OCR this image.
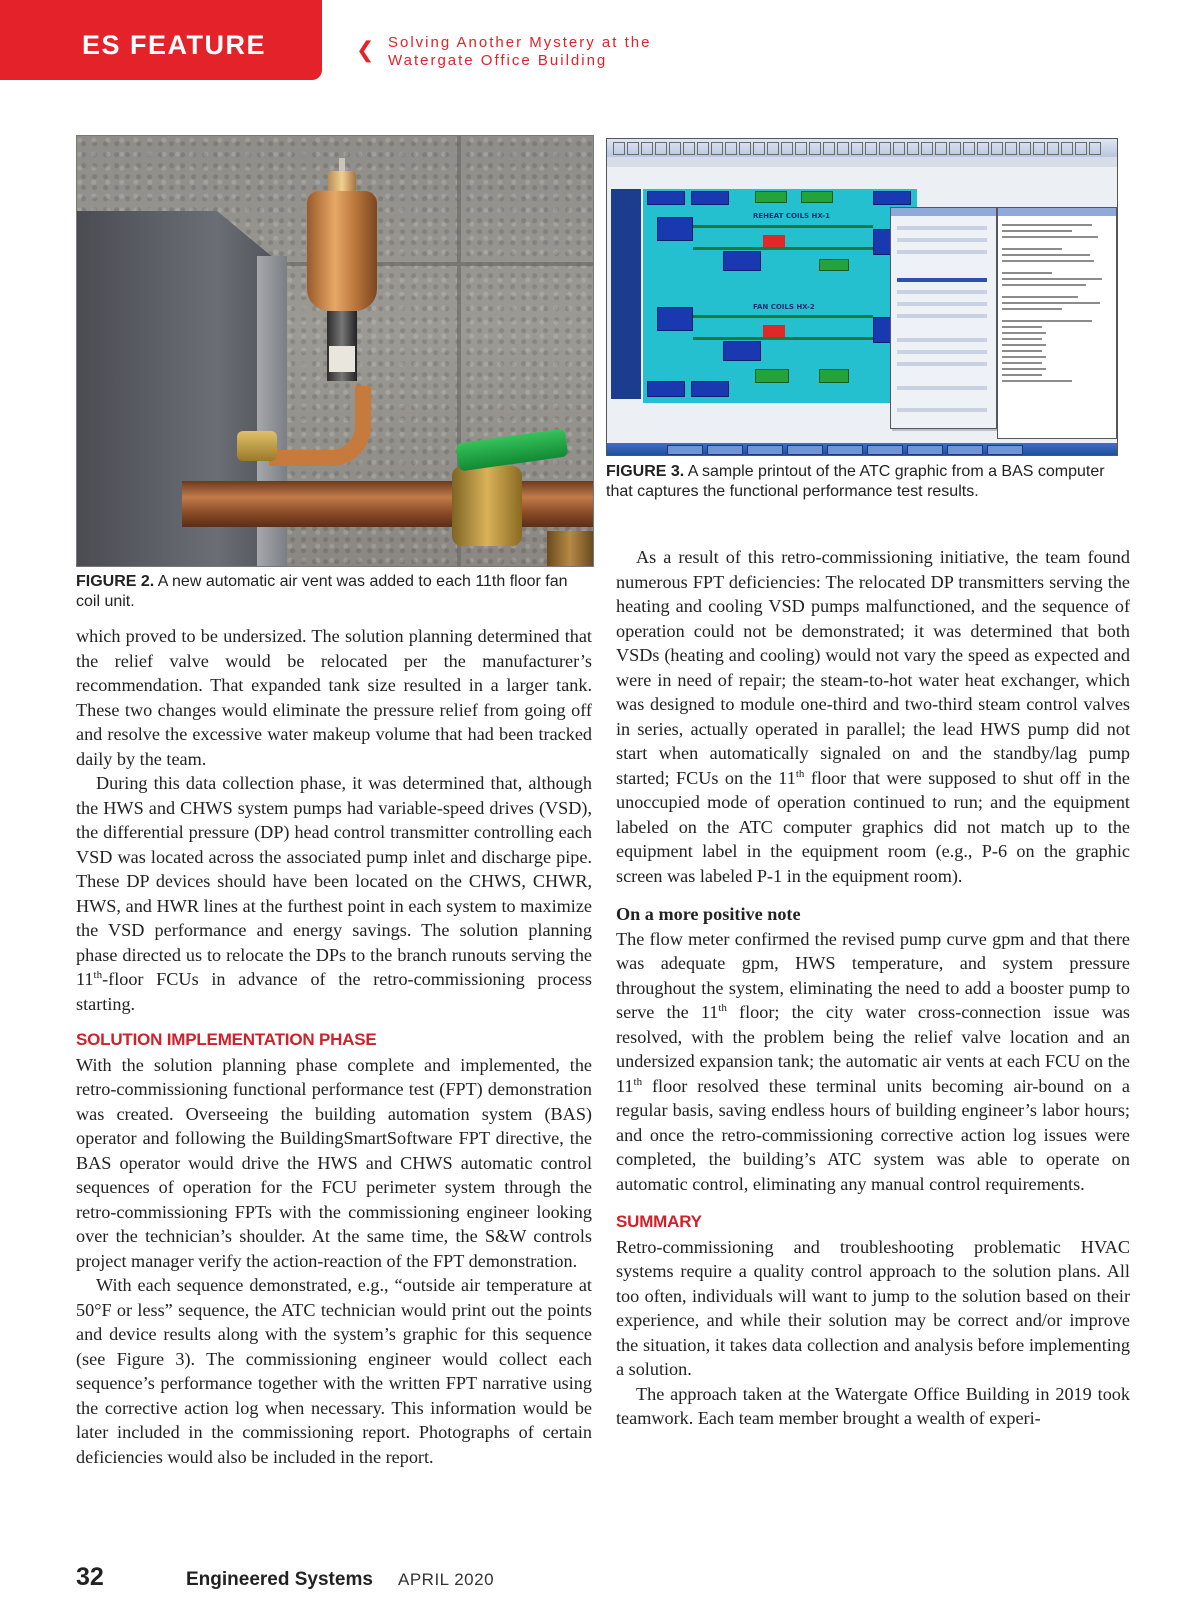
ES FEATURE	❮ Solving Another Mystery at the
Watergate Office Building
FIGURE 2. A new automatic air vent was added to each 11th floor fan coil unit.
REHEAT COILS HX-1
FAN COILS HX-2
FIGURE 3. A sample printout of the ATC graphic from a BAS computer that captures the functional performance test results.

which proved to be undersized. The solution planning determined that the relief valve would be relocated per the manufacturer’s recommendation. That expanded tank size resulted in a larger tank. These two changes would eliminate the pressure relief from going off and resolve the excessive water makeup volume that had been tracked daily by the team.

During this data collection phase, it was determined that, although the HWS and CHWS system pumps had variable-speed drives (VSD), the differential pressure (DP) head control transmitter controlling each VSD was located across the associated pump inlet and discharge pipe. These DP devices should have been located on the CHWS, CHWR, HWS, and HWR lines at the furthest point in each system to maximize the VSD performance and energy savings. The solution planning phase directed us to relocate the DPs to the branch runouts serving the 11th-floor FCUs in advance of the retro-commissioning process starting.

SOLUTION IMPLEMENTATION PHASE

With the solution planning phase complete and implemented, the retro-commissioning functional performance test (FPT) demonstration was created. Overseeing the building automation system (BAS) operator and following the BuildingSmartSoftware FPT directive, the BAS operator would drive the HWS and CHWS automatic control sequences of operation for the FCU perimeter system through the retro-commissioning FPTs with the commissioning engineer looking over the technician’s shoulder. At the same time, the S&W controls project manager verify the action-reaction of the FPT demonstration.

With each sequence demonstrated, e.g., “outside air temperature at 50°F or less” sequence, the ATC technician would print out the points and device results along with the system’s graphic for this sequence (see Figure 3). The commissioning engineer would collect each sequence’s performance together with the written FPT narrative using the corrective action log when necessary. This information would be later included in the commissioning report. Photographs of certain deficiencies would also be included in the report.

As a result of this retro-commissioning initiative, the team found numerous FPT deficiencies: The relocated DP transmitters serving the heating and cooling VSD pumps malfunctioned, and the sequence of operation could not be demonstrated; it was determined that both VSDs (heating and cooling) would not vary the speed as expected and were in need of repair; the steam-to-hot water heat exchanger, which was designed to module one-third and two-third steam control valves in series, actually operated in parallel; the lead HWS pump did not start when automatically signaled on and the standby/lag pump started; FCUs on the 11th floor that were supposed to shut off in the unoccupied mode of operation continued to run; and the equipment labeled on the ATC computer graphics did not match up to the equipment label in the equipment room (e.g., P-6 on the graphic screen was labeled P-1 in the equipment room).

On a more positive note

The flow meter confirmed the revised pump curve gpm and that there was adequate gpm, HWS temperature, and system pressure throughout the system, eliminating the need to add a booster pump to serve the 11th floor; the city water cross-connection issue was resolved, with the problem being the relief valve location and an undersized expansion tank; the automatic air vents at each FCU on the 11th floor resolved these terminal units becoming air-bound on a regular basis, saving endless hours of building engineer’s labor hours; and once the retro-commissioning corrective action log issues were completed, the building’s ATC system was able to operate on automatic control, eliminating any manual control requirements.

SUMMARY

Retro-commissioning and troubleshooting problematic HVAC systems require a quality control approach to the solution plans. All too often, individuals will want to jump to the solution based on their experience, and while their solution may be correct and/or improve the situation, it takes data collection and analysis before implementing a solution.

The approach taken at the Watergate Office Building in 2019 took teamwork. Each team member brought a wealth of experi-

32	Engineered Systems APRIL 2020
